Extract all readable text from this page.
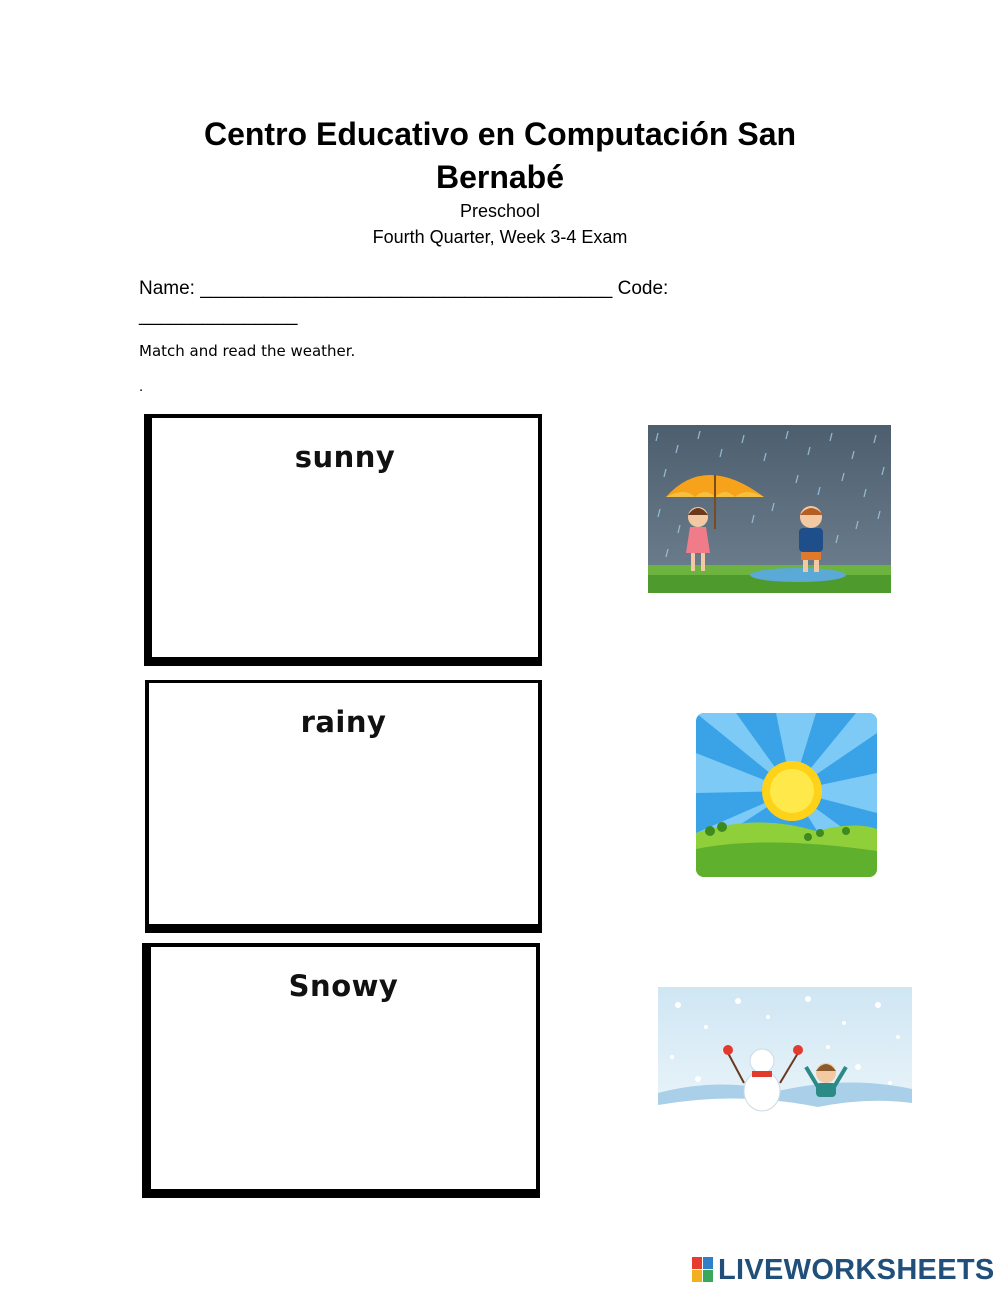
Centro Educativo en Computación San Bernabé
Preschool
Fourth Quarter, Week 3-4 Exam
Name: _______________________________________ Code:
_______________
Match and read the weather.
.
sunny
rainy
Snowy
LIVEWORKSHEETS
